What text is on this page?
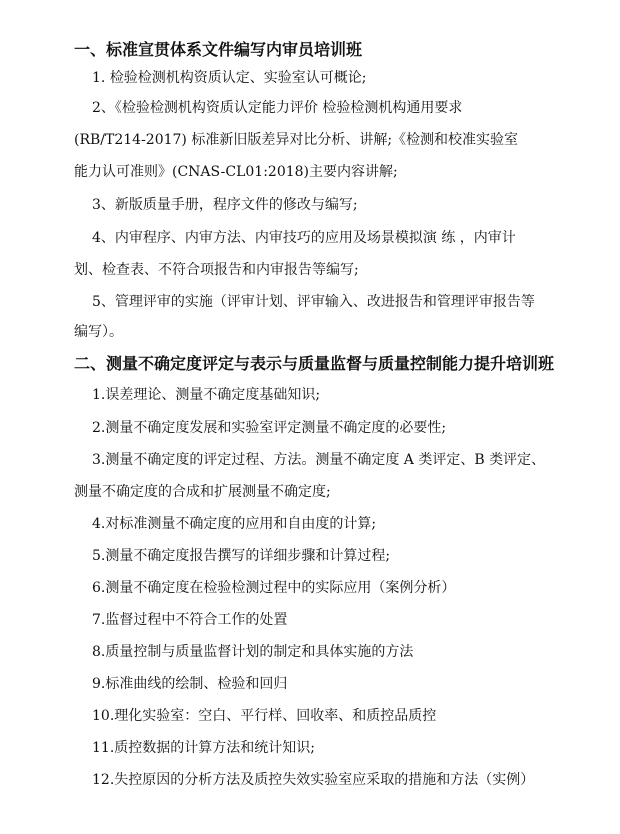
一、标准宣贯体系文件编写内审员培训班
1. 检验检测机构资质认定、实验室认可概论;
2、《检验检测机构资质认定能力评价 检验检测机构通用要求
(RB/T214-2017) 标准新旧版差异对比分析、讲解;《检测和校准实验室
能力认可准则》(CNAS-CL01:2018)主要内容讲解;
3、新版质量手册，程序文件的修改与编写;
4、内审程序、内审方法、内审技巧的应用及场景模拟演 练 ，内审计
划、检查表、不符合项报告和内审报告等编写;
5、管理评审的实施（评审计划、评审输入、改进报告和管理评审报告等
编写）。
二、测量不确定度评定与表示与质量监督与质量控制能力提升培训班
1.误差理论、测量不确定度基础知识;
2.测量不确定度发展和实验室评定测量不确定度的必要性;
3.测量不确定度的评定过程、方法。测量不确定度 A 类评定、B 类评定、
测量不确定度的合成和扩展测量不确定度;
4.对标准测量不确定度的应用和自由度的计算;
5.测量不确定度报告撰写的详细步骤和计算过程;
6.测量不确定度在检验检测过程中的实际应用（案例分析）
7.监督过程中不符合工作的处置
8.质量控制与质量监督计划的制定和具体实施的方法
9.标准曲线的绘制、检验和回归
10.理化实验室：空白、平行样、回收率、和质控品质控
11.质控数据的计算方法和统计知识;
12.失控原因的分析方法及质控失效实验室应采取的措施和方法（实例）
